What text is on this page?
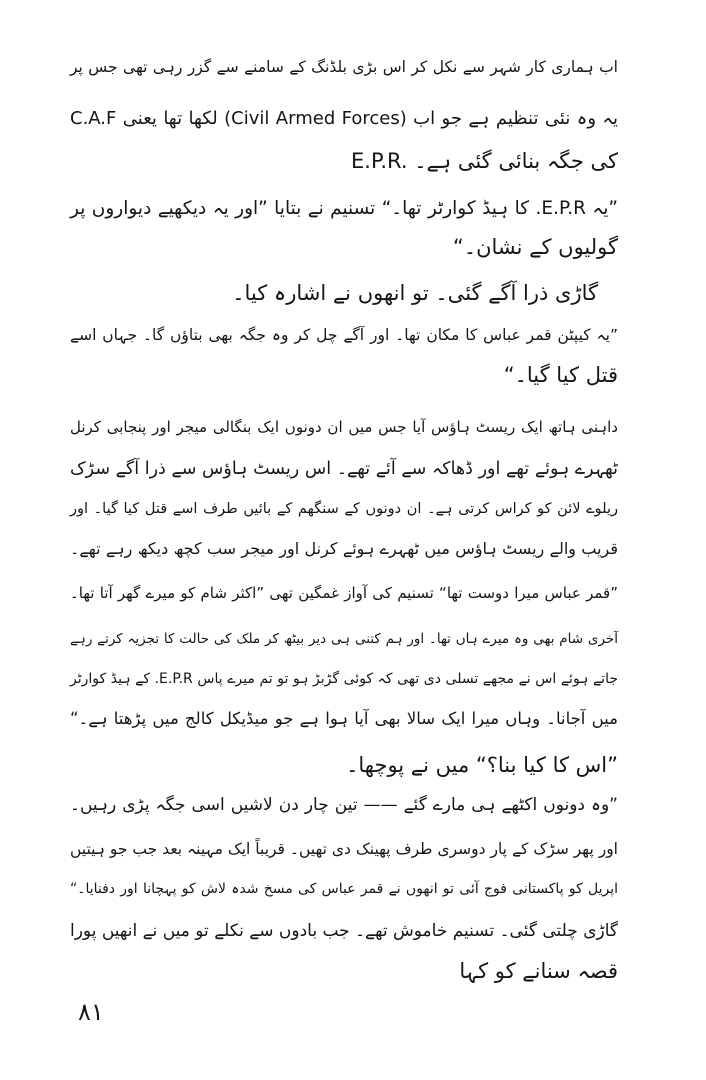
اب ہماری کار شہر سے نکل کر اس بڑی بلڈنگ کے سامنے سے گزر رہی تھی جس پر
C.A.F لکھا تھا یعنی (Civil Armed Forces) یہ وہ نئی تنظیم ہے جو اب
E.P.R. کی جگہ بنائی گئی ہے۔
”یہ E.P.R. کا ہیڈ کوارٹر تھا۔“ تسنیم نے بتایا ”اور یہ دیکھیے دیواروں پر
گولیوں کے نشان۔“
گاڑی ذرا آگے گئی۔ تو انھوں نے اشارہ کیا۔
”یہ کیپٹن قمر عباس کا مکان تھا۔ اور آگے چل کر وہ جگہ بھی بتاؤں گا۔ جہاں اسے
قتل کیا گیا۔“
داہنی ہاتھ ایک ریسٹ ہاؤس آیا جس میں ان دونوں ایک بنگالی میجر اور پنجابی کرنل
ٹھہرے ہوئے تھے اور ڈھاکہ سے آئے تھے۔ اس ریسٹ ہاؤس سے ذرا آگے سڑک
ریلوے لائن کو کراس کرتی ہے۔ ان دونوں کے سنگھم کے بائیں طرف اسے قتل کیا گیا۔ اور
قریب والے ریسٹ ہاؤس میں ٹھہرے ہوئے کرنل اور میجر سب کچھ دیکھ رہے تھے۔
”قمر عباس میرا دوست تھا“ تسنیم کی آواز غمگین تھی ”اکثر شام کو میرے گھر آتا تھا۔
آخری شام بھی وہ میرے ہاں تھا۔ اور ہم کتنی ہی دیر بیٹھ کر ملک کی حالت کا تجزیہ کرتے رہے
جاتے ہوئے اس نے مجھے تسلی دی تھی کہ کوئی گڑبڑ ہو تو تم میرے پاس E.P.R. کے ہیڈ کوارٹر
میں آجانا۔ وہاں میرا ایک سالا بھی آیا ہوا ہے جو میڈیکل کالج میں پڑھتا ہے۔“
”اس کا کیا بنا؟“ میں نے پوچھا۔
”وہ دونوں اکٹھے ہی مارے گئے —— تین چار دن لاشیں اسی جگہ پڑی رہیں۔
اور پھر سڑک کے پار دوسری طرف پھینک دی تھیں۔ قریباً ایک مہینہ بعد جب جو ہیتیں
اپریل کو پاکستانی فوج آئی تو انھوں نے قمر عباس کی مسخ شدہ لاش کو پہچانا اور دفنایا۔“
گاڑی چلتی گئی۔ تسنیم خاموش تھے۔ جب بادوں سے نکلے تو میں نے انھیں پورا
قصہ سنانے کو کہا
۸۱
